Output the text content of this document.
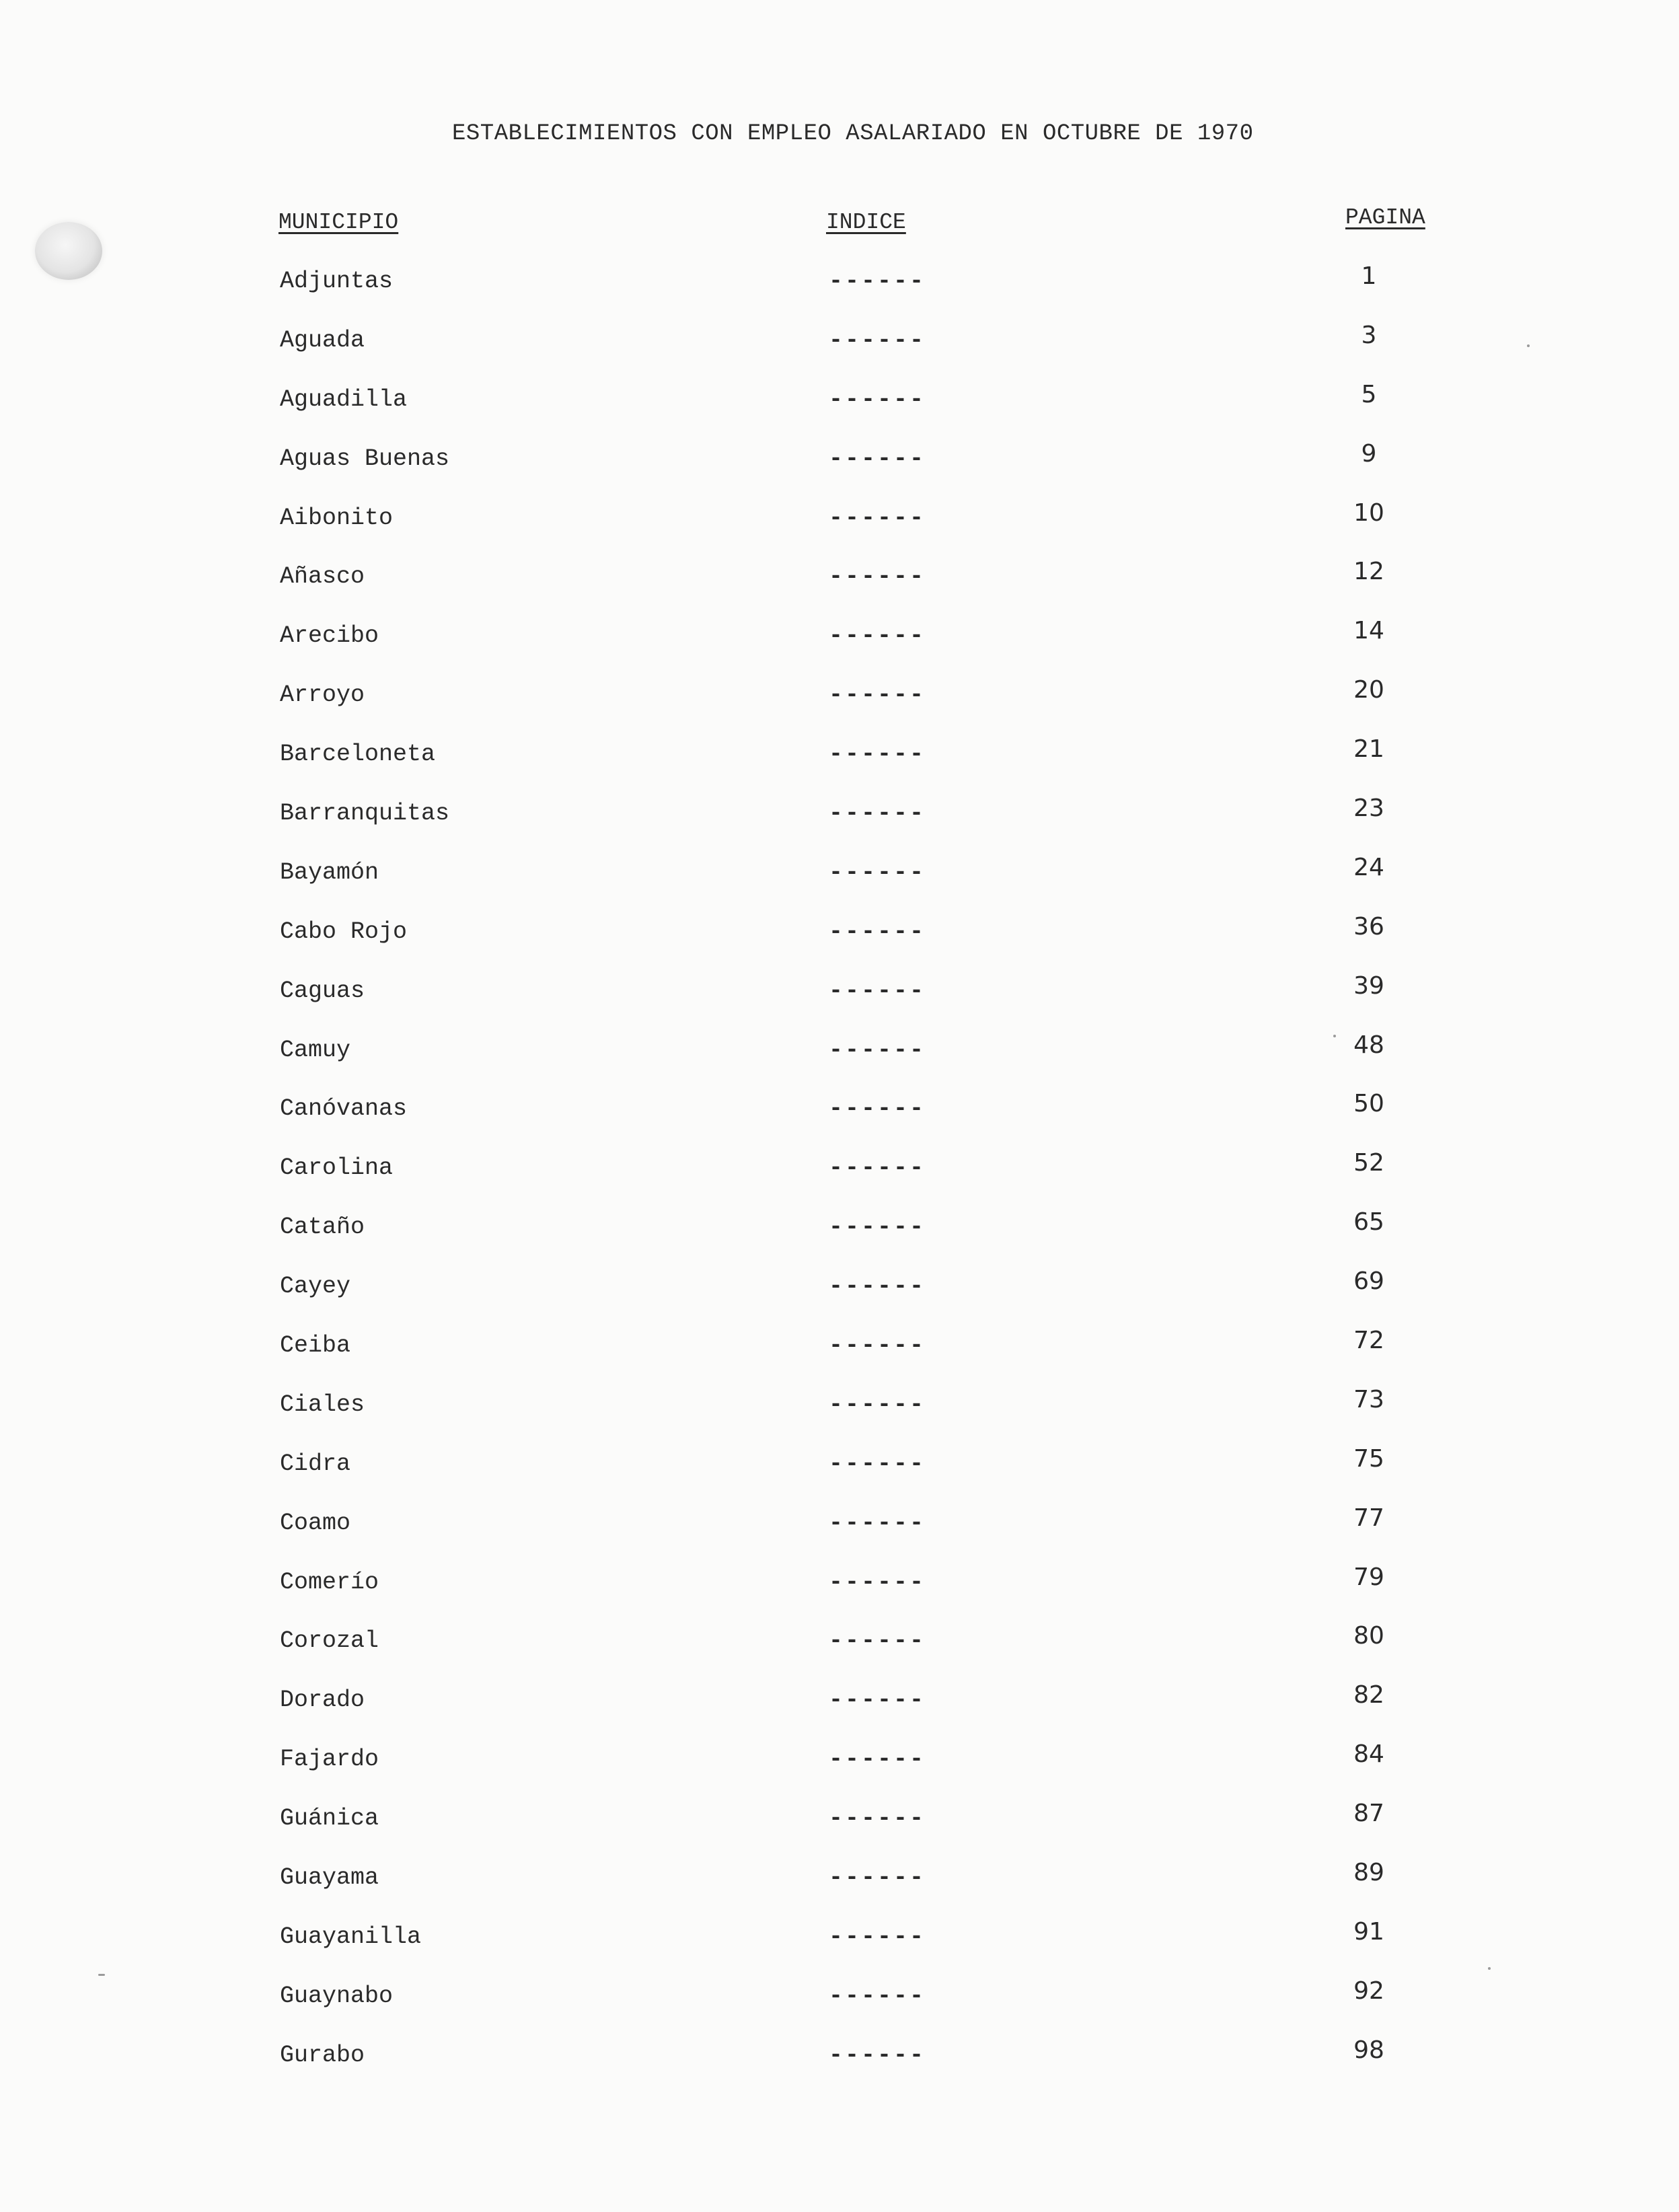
ESTABLECIMIENTOS CON EMPLEO ASALARIADO EN OCTUBRE DE 1970
MUNICIPIO	INDICE	PAGINA
Adjuntas	------	1
Aguada	------	3
Aguadilla	------	5
Aguas Buenas	------	9
Aibonito	------	10
Añasco	------	12
Arecibo	------	14
Arroyo	------	20
Barceloneta	------	21
Barranquitas	------	23
Bayamón	------	24
Cabo Rojo	------	36
Caguas	------	39
Camuy	------	48
Canóvanas	------	50
Carolina	------	52
Cataño	------	65
Cayey	------	69
Ceiba	------	72
Ciales	------	73
Cidra	------	75
Coamo	------	77
Comerío	------	79
Corozal	------	80
Dorado	------	82
Fajardo	------	84
Guánica	------	87
Guayama	------	89
Guayanilla	------	91
Guaynabo	------	92
Gurabo	------	98
